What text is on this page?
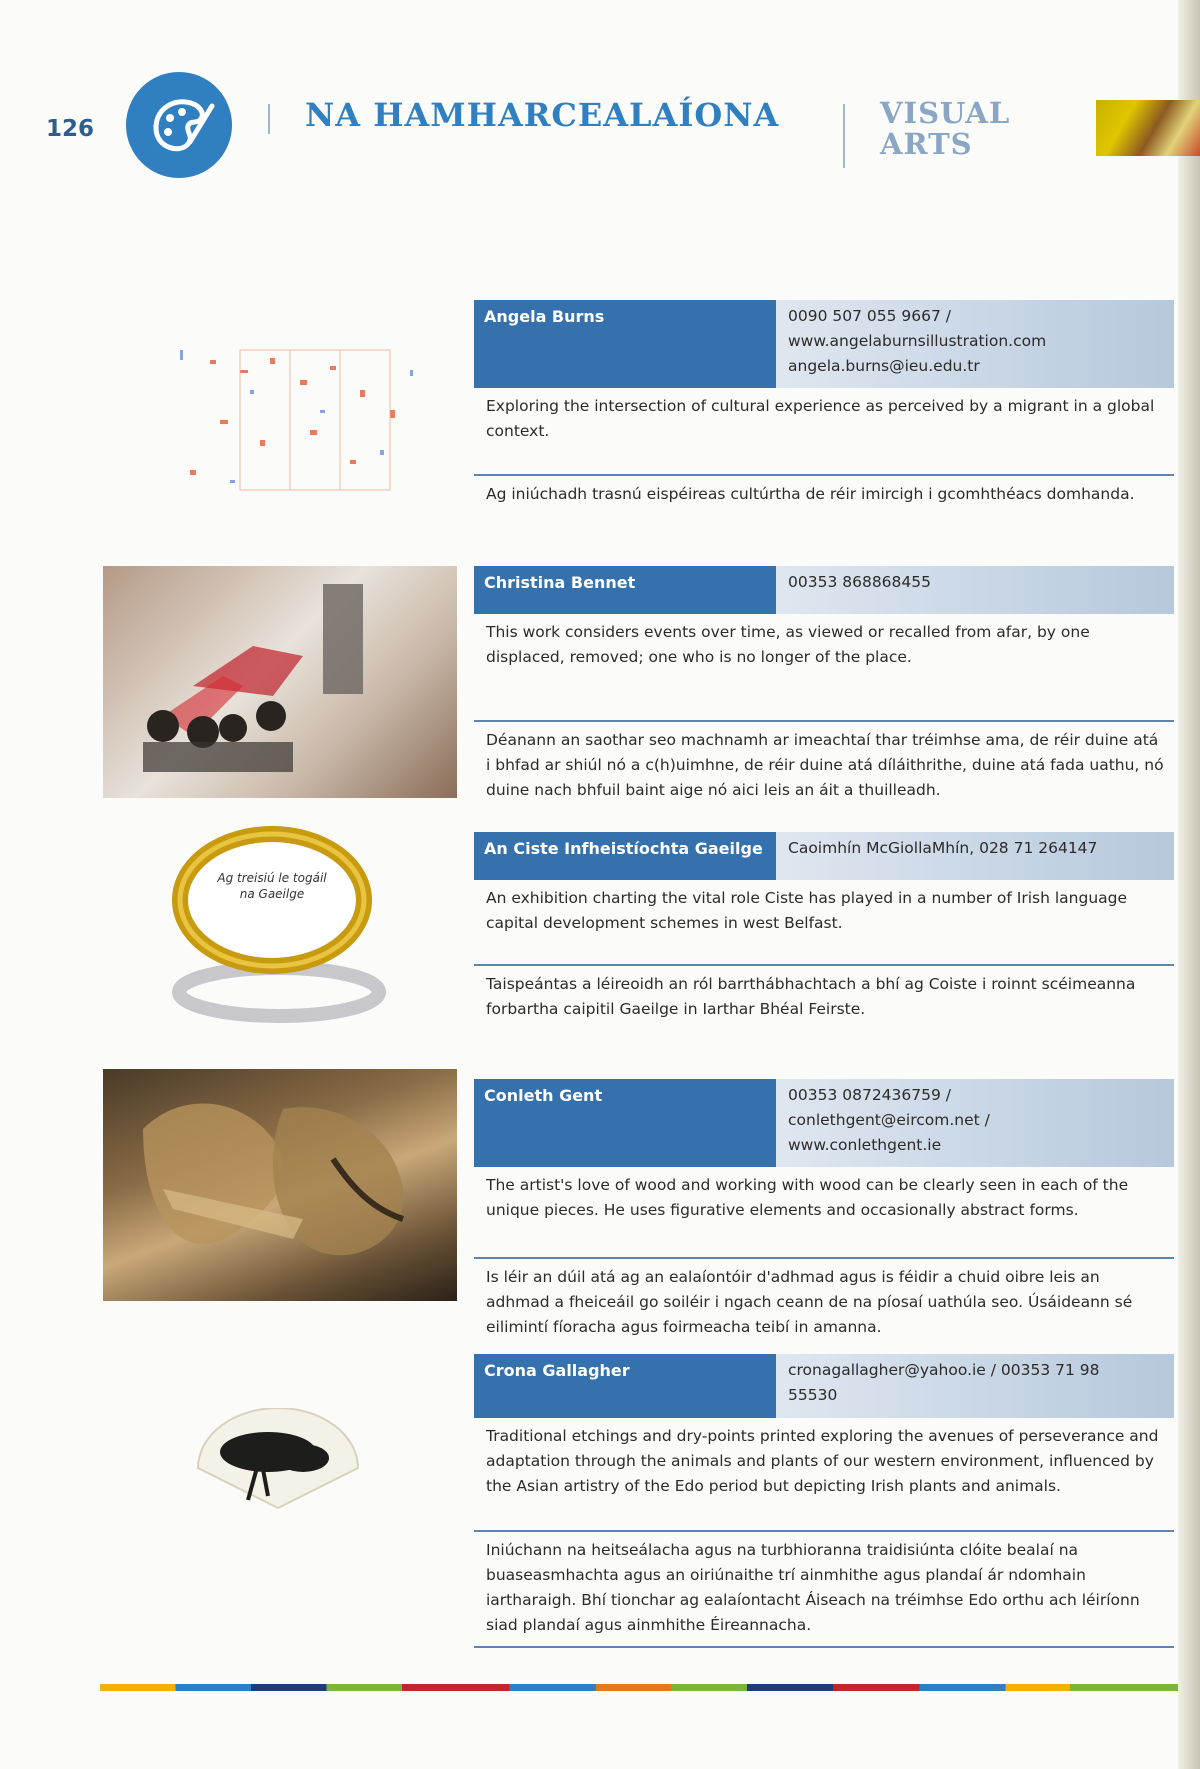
126	NA HAMHARCEALAÍONA	VISUAL
ARTS
Ag treisiú le togáil na Gaeilge
Angela Burns	0090 507 055 9667 /
www.angelaburnsillustration.com
angela.burns@ieu.edu.tr
Exploring the intersection of cultural experience as perceived by a migrant in a global context.
Ag iniúchadh trasnú eispéireas cultúrtha de réir imircigh i gcomhthéacs domhanda.
Christina Bennet	00353 868868455
This work considers events over time, as viewed or recalled from afar, by one displaced, removed; one who is no longer of the place.
Déanann an saothar seo machnamh ar imeachtaí thar tréimhse ama, de réir duine atá i bhfad ar shiúl nó a c(h)uimhne, de réir duine atá díláithrithe, duine atá fada uathu, nó duine nach bhfuil baint aige nó aici leis an áit a thuilleadh.
An Ciste Infheistíochta Gaeilge	Caoimhín McGiollaMhín, 028 71 264147
An exhibition charting the vital role Ciste has played in a number of Irish language capital development schemes in west Belfast.
Taispeántas a léireoidh an ról barrthábhachtach a bhí ag Coiste i roinnt scéimeanna forbartha caipitil Gaeilge in Iarthar Bhéal Feirste.
Conleth Gent	00353 0872436759 /
conlethgent@eircom.net /
www.conlethgent.ie
The artist's love of wood and working with wood can be clearly seen in each of the unique pieces. He uses figurative elements and occasionally abstract forms.
Is léir an dúil atá ag an ealaíontóir d'adhmad agus is féidir a chuid oibre leis an adhmad a fheiceáil go soiléir i ngach ceann de na píosaí uathúla seo. Úsáideann sé eilimintí fíoracha agus foirmeacha teibí in amanna.
Crona Gallagher	cronagallagher@yahoo.ie / 00353 71 98
55530
Traditional etchings and dry-points printed exploring the avenues of perseverance and adaptation through the animals and plants of our western environment, influenced by the Asian artistry of the Edo period but depicting Irish plants and animals.
Iniúchann na heitseálacha agus na turbhioranna traidisiúnta clóite bealaí na buaseasmhachta agus an oiriúnaithe trí ainmhithe agus plandaí ár ndomhain iartharaigh. Bhí tionchar ag ealaíontacht Áiseach na tréimhse Edo orthu ach léiríonn siad plandaí agus ainmhithe Éireannacha.
